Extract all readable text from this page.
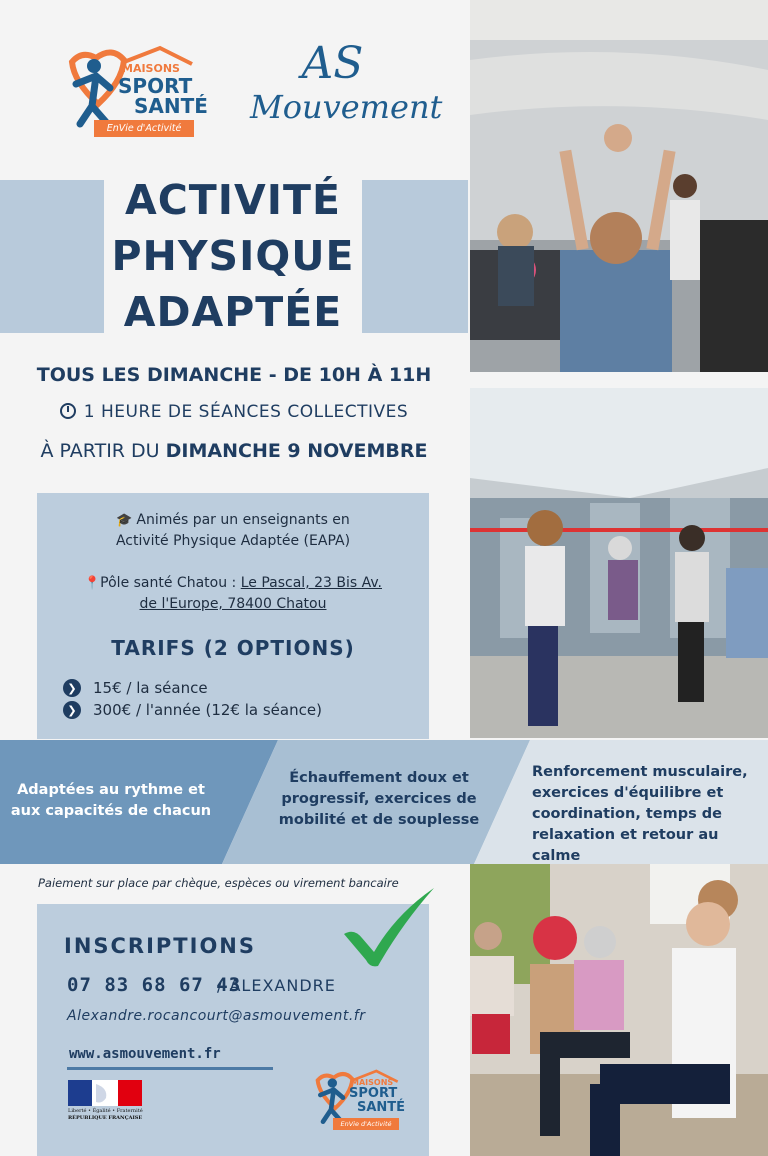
MAISONS
SPORT
SANTÉ
EnVie d'Activité
AS
Mouvement
ACTIVITÉ
PHYSIQUE
ADAPTÉE
TOUS LES DIMANCHE - DE 10H À 11H
1 HEURE DE SÉANCES COLLECTIVES
À PARTIR DU DIMANCHE 9 NOVEMBRE
🎓 Animés par un enseignants en
Activité Physique Adaptée (EAPA)
📍Pôle santé Chatou : Le Pascal, 23 Bis Av.
de l'Europe, 78400 Chatou
TARIFS (2 OPTIONS)
❯ 15€ / la séance
❯ 300€ / l'année (12€ la séance)
Adaptées au rythme et
aux capacités de chacun
Échauffement doux et
progressif, exercices de
mobilité et de souplesse
Renforcement musculaire,
exercices d'équilibre et
coordination, temps de
relaxation et retour au calme
Paiement sur place par chèque, espèces ou virement bancaire
INSCRIPTIONS
07 83 68 67 43
/ ALEXANDRE
Alexandre.rocancourt@asmouvement.fr
www.asmouvement.fr
Liberté • Égalité • Fraternité
RÉPUBLIQUE FRANÇAISE
MAISONS
SPORT
SANTÉ
EnVie d'Activité
